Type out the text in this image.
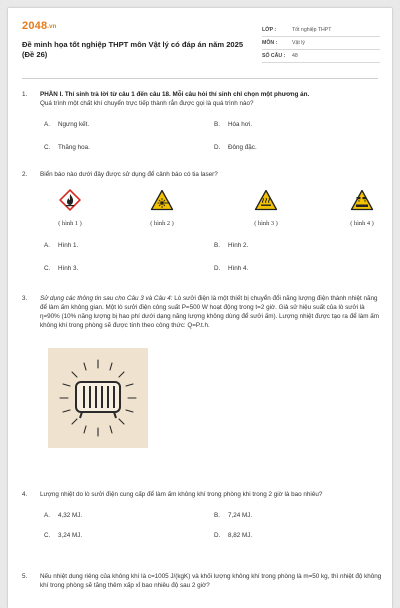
2048.vn
Đề minh họa tốt nghiệp THPT môn Vật lý có đáp án năm 2025 (Đề 26)
LỚP :	Tốt nghiệp THPT
MÔN :	Vật lý
SỐ CÂU :	48
1.	PHẦN I. Thí sinh trả lời từ câu 1 đến câu 18. Mỗi câu hỏi thí sinh chỉ chọn một phương án.
Quá trình một chất khí chuyển trực tiếp thành rắn được gọi là quá trình nào?
A. Ngưng kết.	B. Hóa hơi.
C. Thăng hoa.	D. Đông đặc.
2.	Biển báo nào dưới đây được sử dụng để cảnh báo có tia laser?
( hình 1 )	( hình 2 )	( hình 3 )	( hình 4 )
A. Hình 1.	B. Hình 2.
C. Hình 3.	D. Hình 4.
3.	Sử dụng các thông tin sau cho Câu 3 và Câu 4: Lò sưởi điện là một thiết bị chuyển đổi năng lượng điện thành nhiệt năng để làm ấm không gian. Một lò sưởi điện công suất P=500 W hoạt động trong t=2 giờ. Giả sử hiệu suất của lò sưởi là η=90% (10% năng lượng bị hao phí dưới dạng năng lượng không dùng để sưởi ấm). Lượng nhiệt được tạo ra để làm ấm không khí trong phòng sẽ được tính theo công thức: Q=P.t.h.
4.	Lượng nhiệt do lò sưởi điện cung cấp để làm ấm không khí trong phòng khi trong 2 giờ là bao nhiêu?
A. 4,32 MJ.	B. 7,24 MJ.
C. 3,24 MJ.	D. 8,82 MJ.
5.	Nếu nhiệt dung riêng của không khí là c=1005 J/(kgK) và khối lượng không khí trong phòng là m=50 kg, thì nhiệt độ không khí trong phòng sẽ tăng thêm xấp xỉ bao nhiêu độ sau 2 giờ?
